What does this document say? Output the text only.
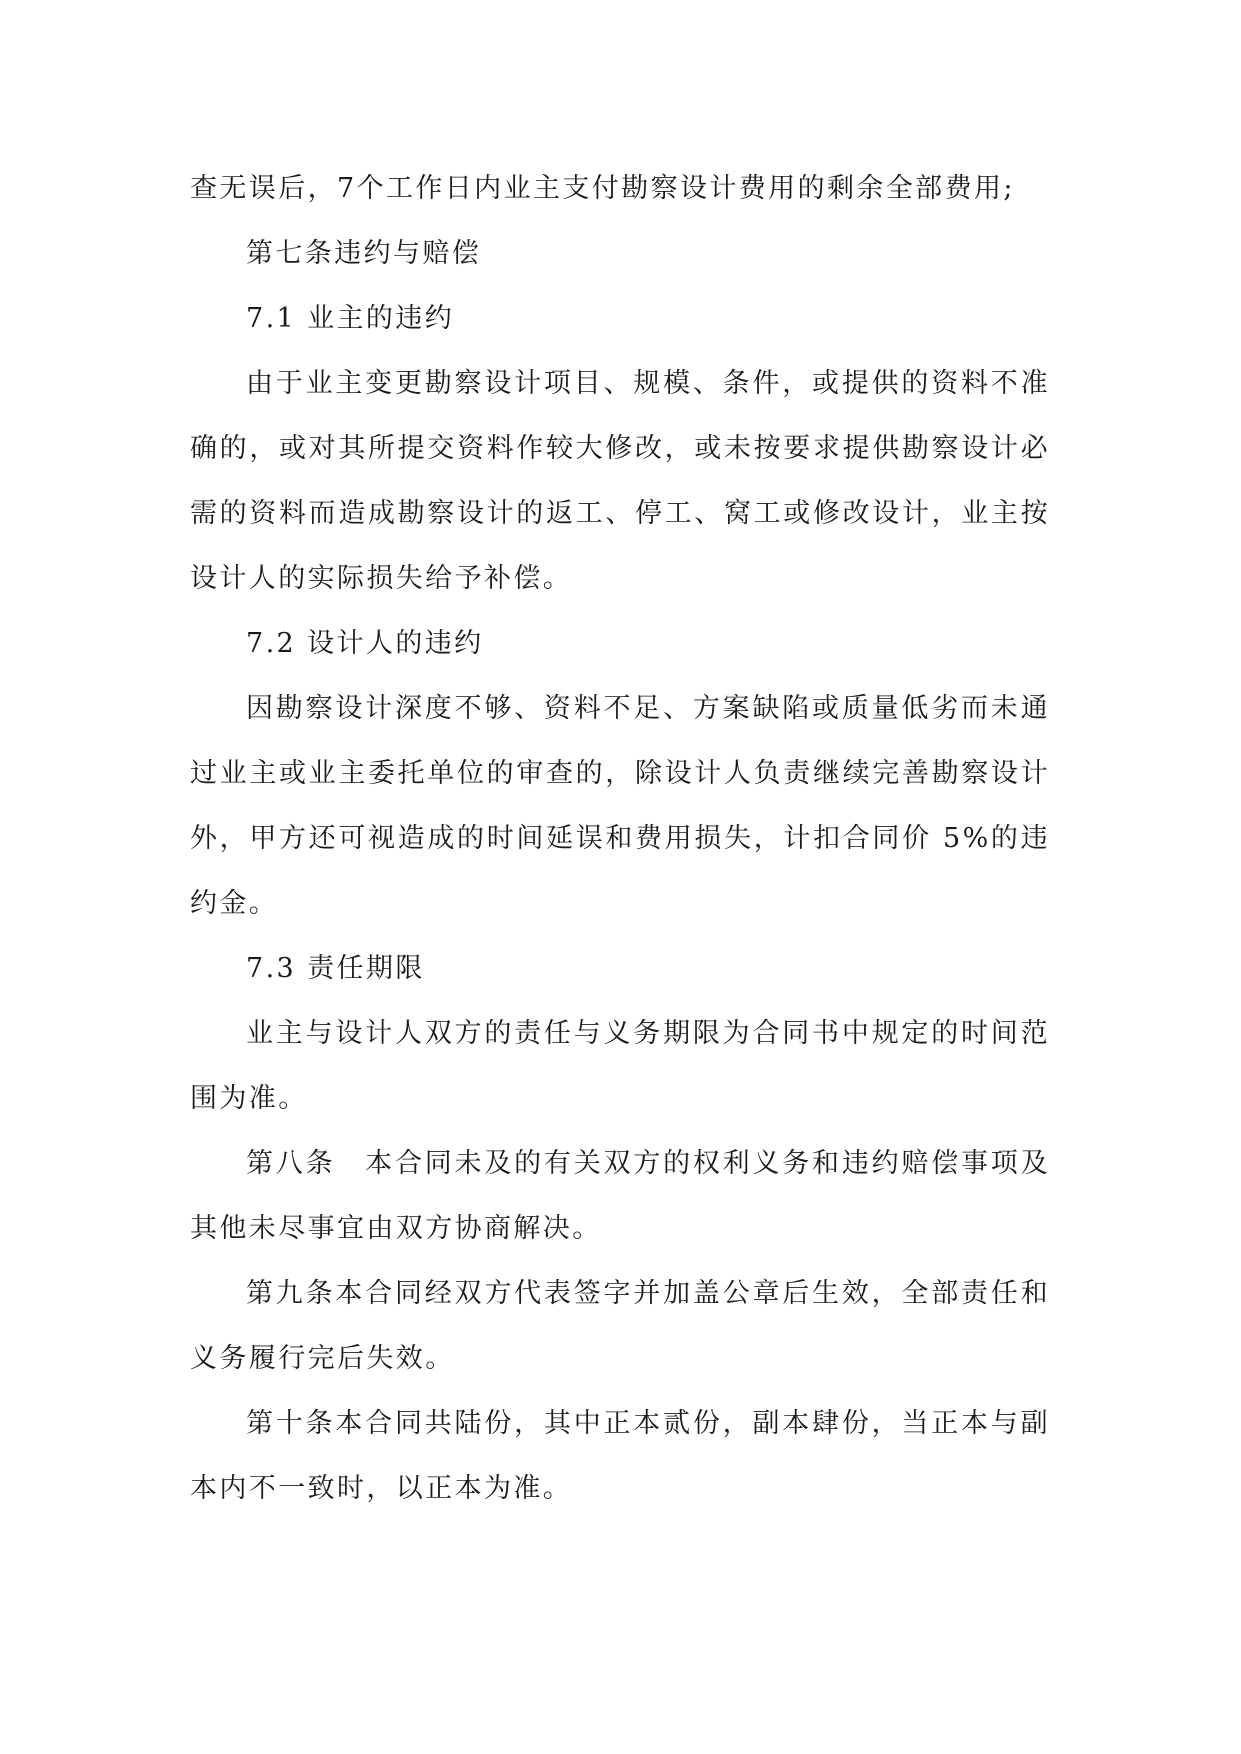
查无误后，7个工作日内业主支付勘察设计费用的剩余全部费用;

第七条违约与赔偿

7.1 业主的违约

由于业主变更勘察设计项目、规模、条件，或提供的资料不准确的，或对其所提交资料作较大修改，或未按要求提供勘察设计必需的资料而造成勘察设计的返工、停工、窝工或修改设计，业主按设计人的实际损失给予补偿。

7.2 设计人的违约

因勘察设计深度不够、资料不足、方案缺陷或质量低劣而未通过业主或业主委托单位的审查的，除设计人负责继续完善勘察设计外，甲方还可视造成的时间延误和费用损失，计扣合同价 5%的违约金。

7.3 责任期限

业主与设计人双方的责任与义务期限为合同书中规定的时间范围为准。

第八条　本合同未及的有关双方的权利义务和违约赔偿事项及其他未尽事宜由双方协商解决。

第九条本合同经双方代表签字并加盖公章后生效，全部责任和义务履行完后失效。

第十条本合同共陆份，其中正本贰份，副本肆份，当正本与副本内不一致时，以正本为准。
